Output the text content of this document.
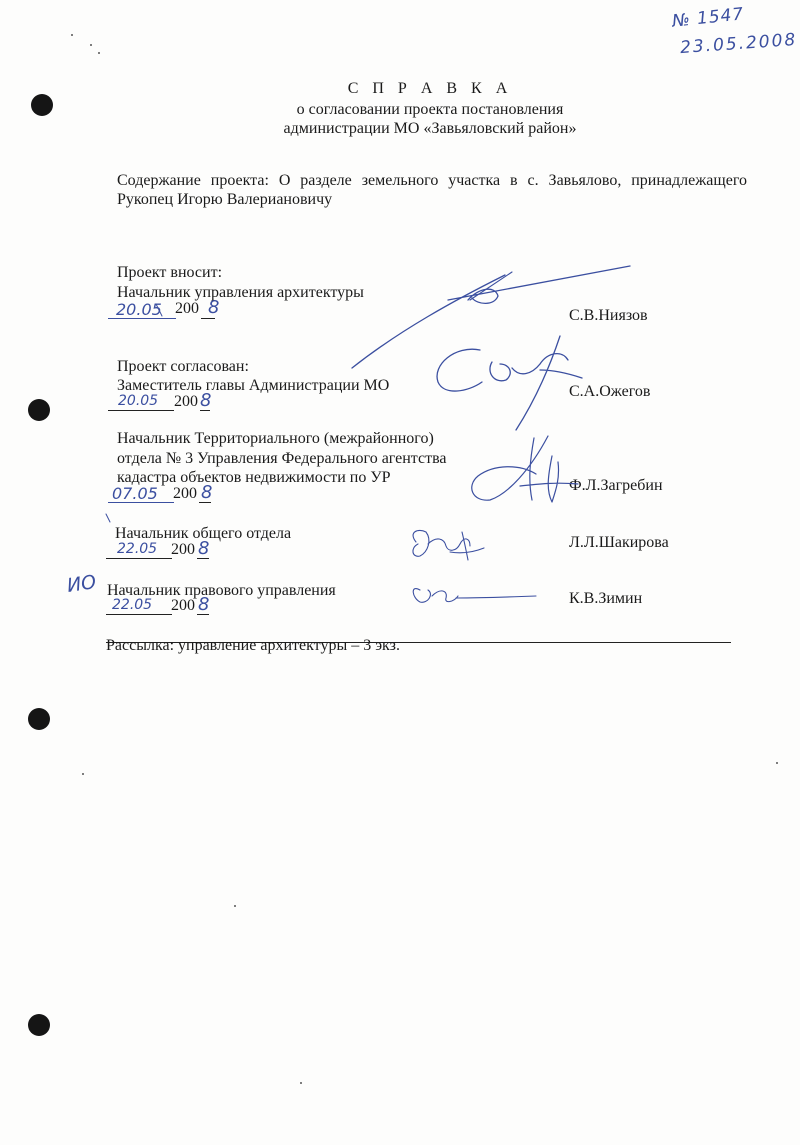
№ 1547
23.05.2008
С П Р А В К А
о согласовании проекта постановления
администрации МО «Завьяловский район»
Содержание проекта: О разделе земельного участка в с. Завьялово, принадлежащего Рукопец Игорю Валериановичу
Проект вносит:
Начальник управления архитектуры
20.05 200 8	С.В.Ниязов
Проект согласован:
Заместитель главы Администрации МО
20.05 200 8	С.А.Ожегов
Начальник Территориального (межрайонного)
отдела № 3 Управления Федерального агентства
кадастра объектов недвижимости по УР
07.05 200 8	Ф.Л.Загребин
Начальник общего отдела
22.05 200 8	Л.Л.Шакирова
ИО Начальник правового управления
22.05 200 8	К.В.Зимин
Рассылка: управление архитектуры – 3 экз.
